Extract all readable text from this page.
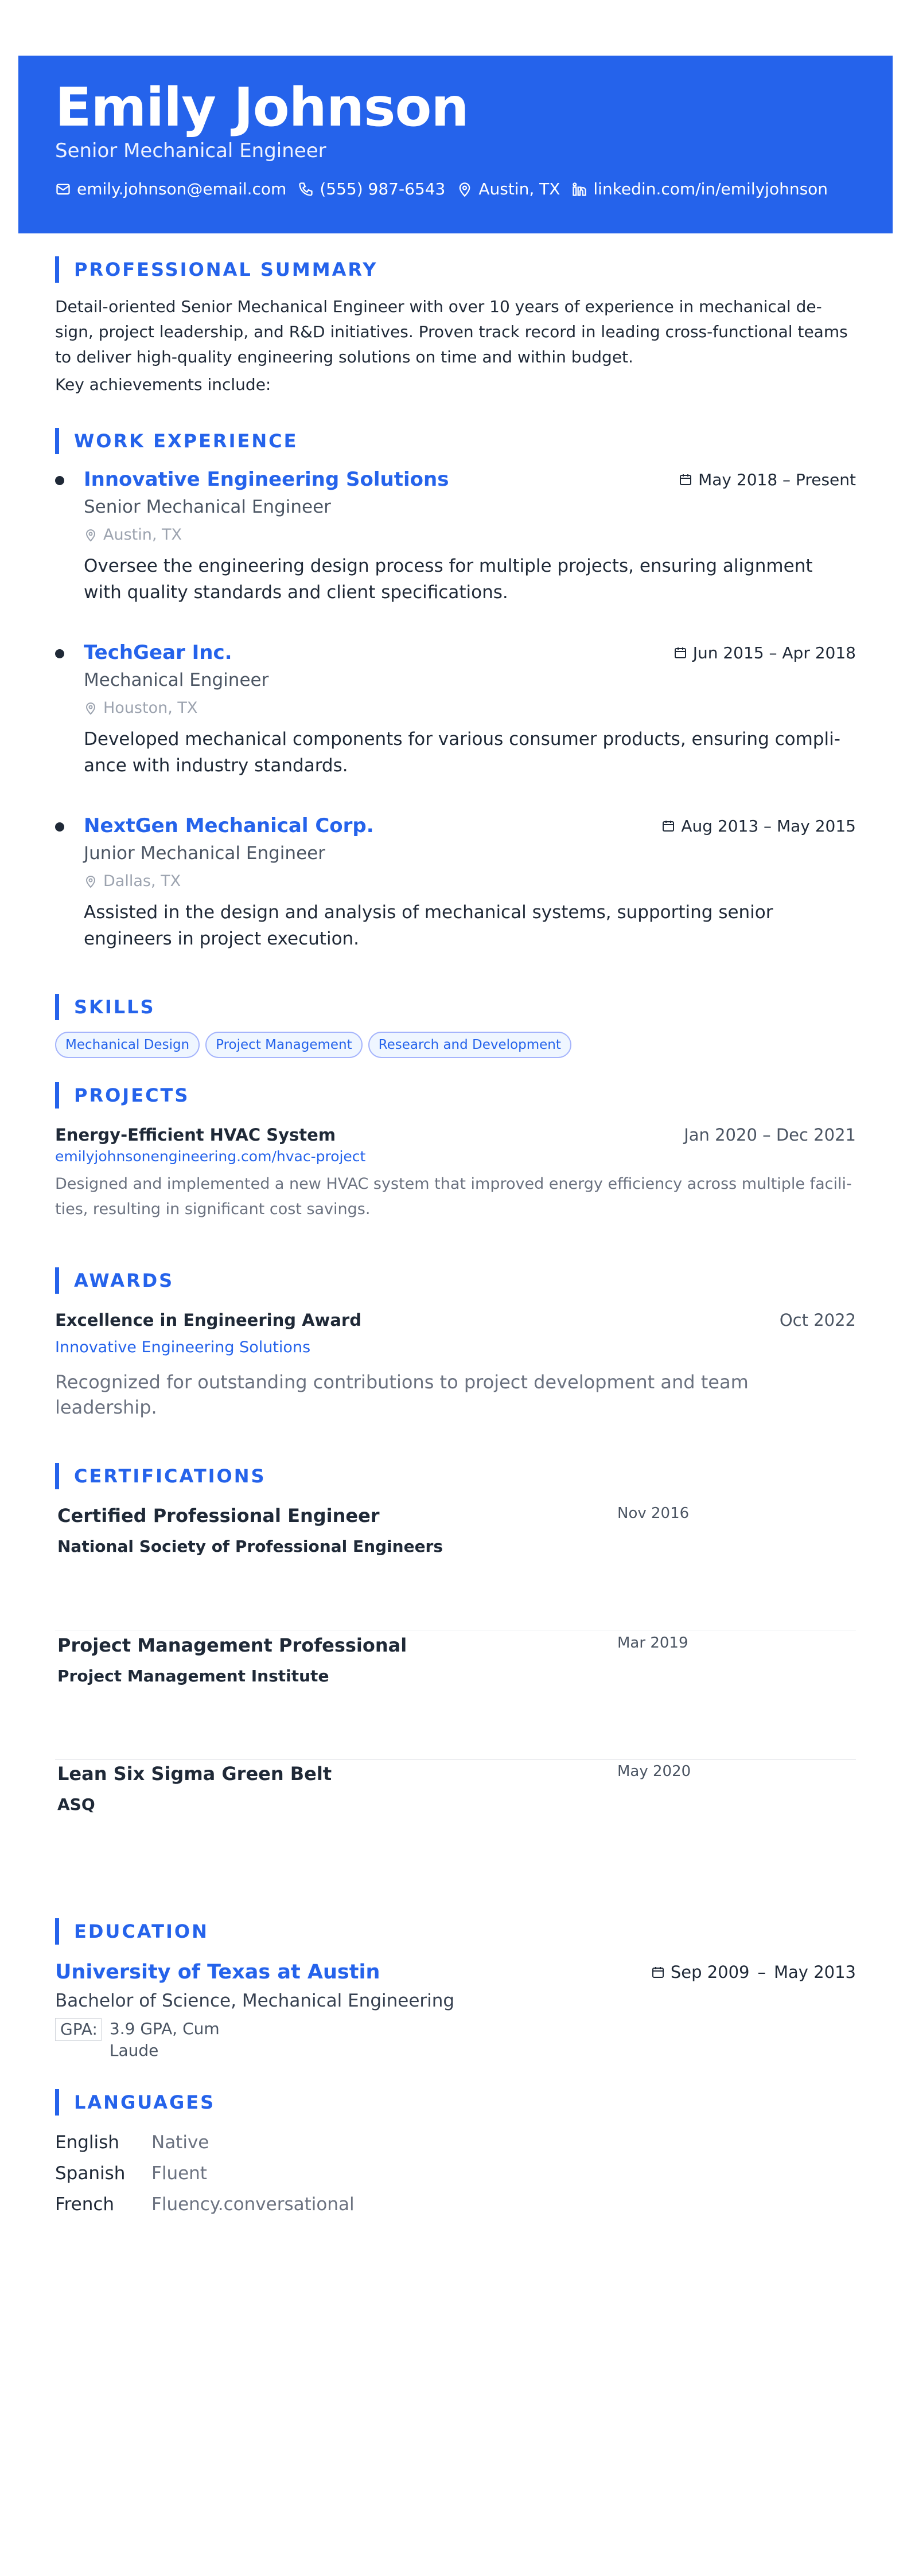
Emily Johnson
Senior Mechanical Engineer
emily.johnson@email.com (555) 987-6543 Austin, TX linkedin.com/in/emilyjohnson
PROFESSIONAL SUMMARY
Detail-oriented Senior Mechanical Engineer with over 10 years of experience in mechanical de-sign, project leadership, and R&D initiatives. Proven track record in leading cross-functional teams to deliver high-quality engineering solutions on time and within budget.
Key achievements include:
WORK EXPERIENCE
Innovative Engineering Solutions	May 2018 – Present
Senior Mechanical Engineer
Austin, TX
Oversee the engineering design process for multiple projects, ensuring alignment with quality standards and client specifications.
TechGear Inc.	Jun 2015 – Apr 2018
Mechanical Engineer
Houston, TX
Developed mechanical components for various consumer products, ensuring compli-ance with industry standards.
NextGen Mechanical Corp.	Aug 2013 – May 2015
Junior Mechanical Engineer
Dallas, TX
Assisted in the design and analysis of mechanical systems, supporting senior engineers in project execution.
SKILLS
Mechanical Design	Project Management	Research and Development
PROJECTS
Energy-Efficient HVAC System	Jan 2020 – Dec 2021
emilyjohnsonengineering.com/hvac-project
Designed and implemented a new HVAC system that improved energy efficiency across multiple facili-ties, resulting in significant cost savings.
AWARDS
Excellence in Engineering Award	Oct 2022
Innovative Engineering Solutions
Recognized for outstanding contributions to project development and team leadership.
CERTIFICATIONS
Certified Professional Engineer
National Society of Professional Engineers
Nov 2016
Project Management Professional
Project Management Institute
Mar 2019
Lean Six Sigma Green Belt
ASQ
May 2020
EDUCATION
University of Texas at Austin	Sep 2009 – May 2013
Bachelor of Science, Mechanical Engineering
GPA: 3.9 GPA, Cum Laude
LANGUAGES
English	Native
Spanish	Fluent
French	Fluency.conversational
